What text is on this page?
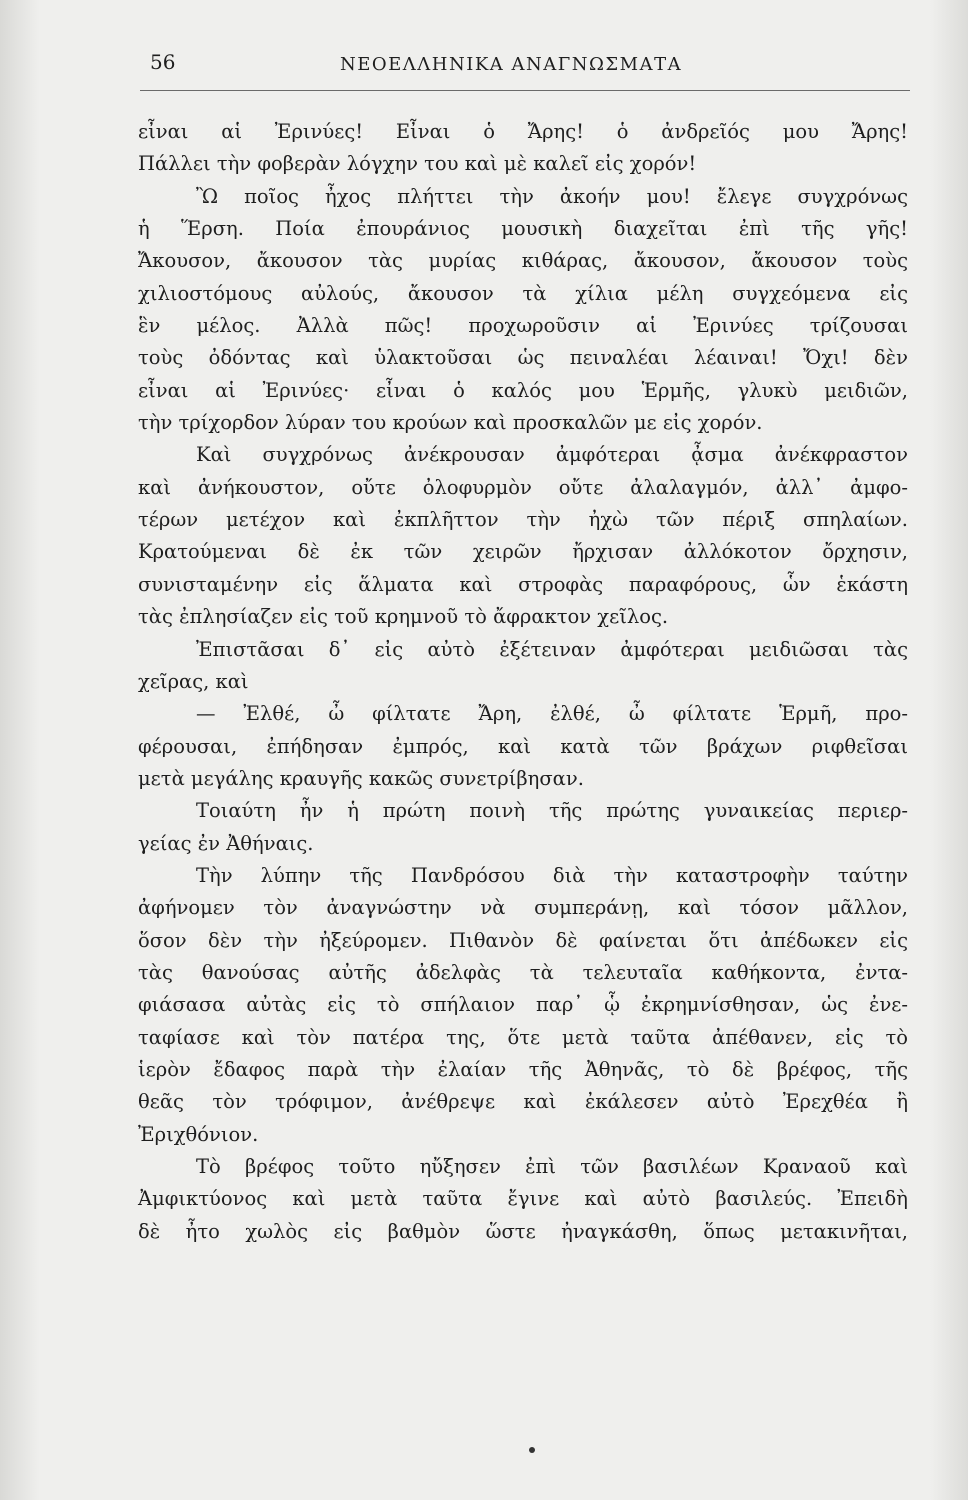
56	ΝΕΟΕΛΛΗΝΙΚΑ ΑΝΑΓΝΩΣΜΑΤΑ
εἶναι αἱ Ἐρινύες! Εἶναι ὁ Ἄρης! ὁ ἀνδρεῖός μου Ἄρης!
Πάλλει τὴν φοβερὰν λόγχην του καὶ μὲ καλεῖ εἰς χορόν!
Ὢ ποῖος ἦχος πλήττει τὴν ἀκοήν μου! ἔλεγε συγχρόνως
ἡ Ἕρση. Ποία ἐπουράνιος μουσικὴ διαχεῖται ἐπὶ τῆς γῆς!
Ἄκουσον, ἄκουσον τὰς μυρίας κιθάρας, ἄκουσον, ἄκουσον τοὺς
χιλιοστόμους αὐλούς, ἄκουσον τὰ χίλια μέλη συγχεόμενα εἰς
ἓν μέλος. Ἀλλὰ πῶς! προχωροῦσιν αἱ Ἐρινύες τρίζουσαι
τοὺς ὀδόντας καὶ ὑλακτοῦσαι ὡς πειναλέαι λέαιναι! Ὄχι! δὲν
εἶναι αἱ Ἐρινύες· εἶναι ὁ καλός μου Ἑρμῆς, γλυκὺ μειδιῶν,
τὴν τρίχορδον λύραν του κρούων καὶ προσκαλῶν με εἰς χορόν.
Καὶ συγχρόνως ἀνέκρουσαν ἀμφότεραι ᾆσμα ἀνέκφραστον
καὶ ἀνήκουστον, οὔτε ὀλοφυρμὸν οὔτε ἀλαλαγμόν, ἀλλ᾽ ἀμφο-
τέρων μετέχον καὶ ἐκπλῆττον τὴν ἠχὼ τῶν πέριξ σπηλαίων.
Κρατούμεναι δὲ ἐκ τῶν χειρῶν ἤρχισαν ἀλλόκοτον ὄρχησιν,
συνισταμένην εἰς ἅλματα καὶ στροφὰς παραφόρους, ὧν ἑκάστη
τὰς ἐπλησίαζεν εἰς τοῦ κρημνοῦ τὸ ἄφρακτον χεῖλος.
Ἐπιστᾶσαι δ᾽ εἰς αὐτὸ ἐξέτειναν ἀμφότεραι μειδιῶσαι τὰς
χεῖρας, καὶ
— Ἐλθέ, ὦ φίλτατε Ἄρη, ἐλθέ, ὦ φίλτατε Ἑρμῆ, προ-
φέρουσαι, ἐπήδησαν ἐμπρός, καὶ κατὰ τῶν βράχων ριφθεῖσαι
μετὰ μεγάλης κραυγῆς κακῶς συνετρίβησαν.
Τοιαύτη ἦν ἡ πρώτη ποινὴ τῆς πρώτης γυναικείας περιερ-
γείας ἐν Ἀθήναις.
Τὴν λύπην τῆς Πανδρόσου διὰ τὴν καταστροφὴν ταύτην
ἀφήνομεν τὸν ἀναγνώστην νὰ συμπεράνῃ, καὶ τόσον μᾶλλον,
ὅσον δὲν τὴν ἠξεύρομεν. Πιθανὸν δὲ φαίνεται ὅτι ἀπέδωκεν εἰς
τὰς θανούσας αὐτῆς ἀδελφὰς τὰ τελευταῖα καθήκοντα, ἐντα-
φιάσασα αὐτὰς εἰς τὸ σπήλαιον παρ᾽ ᾧ ἐκρημνίσθησαν, ὡς ἐνε-
ταφίασε καὶ τὸν πατέρα της, ὅτε μετὰ ταῦτα ἀπέθανεν, εἰς τὸ
ἱερὸν ἔδαφος παρὰ τὴν ἐλαίαν τῆς Ἀθηνᾶς, τὸ δὲ βρέφος, τῆς
θεᾶς τὸν τρόφιμον, ἀνέθρεψε καὶ ἐκάλεσεν αὐτὸ Ἐρεχθέα ἢ
Ἐριχθόνιον.
Τὸ βρέφος τοῦτο ηὔξησεν ἐπὶ τῶν βασιλέων Κραναοῦ καὶ
Ἀμφικτύονος καὶ μετὰ ταῦτα ἔγινε καὶ αὐτὸ βασιλεύς. Ἐπειδὴ
δὲ ἦτο χωλὸς εἰς βαθμὸν ὥστε ἠναγκάσθη, ὅπως μετακινῆται,
